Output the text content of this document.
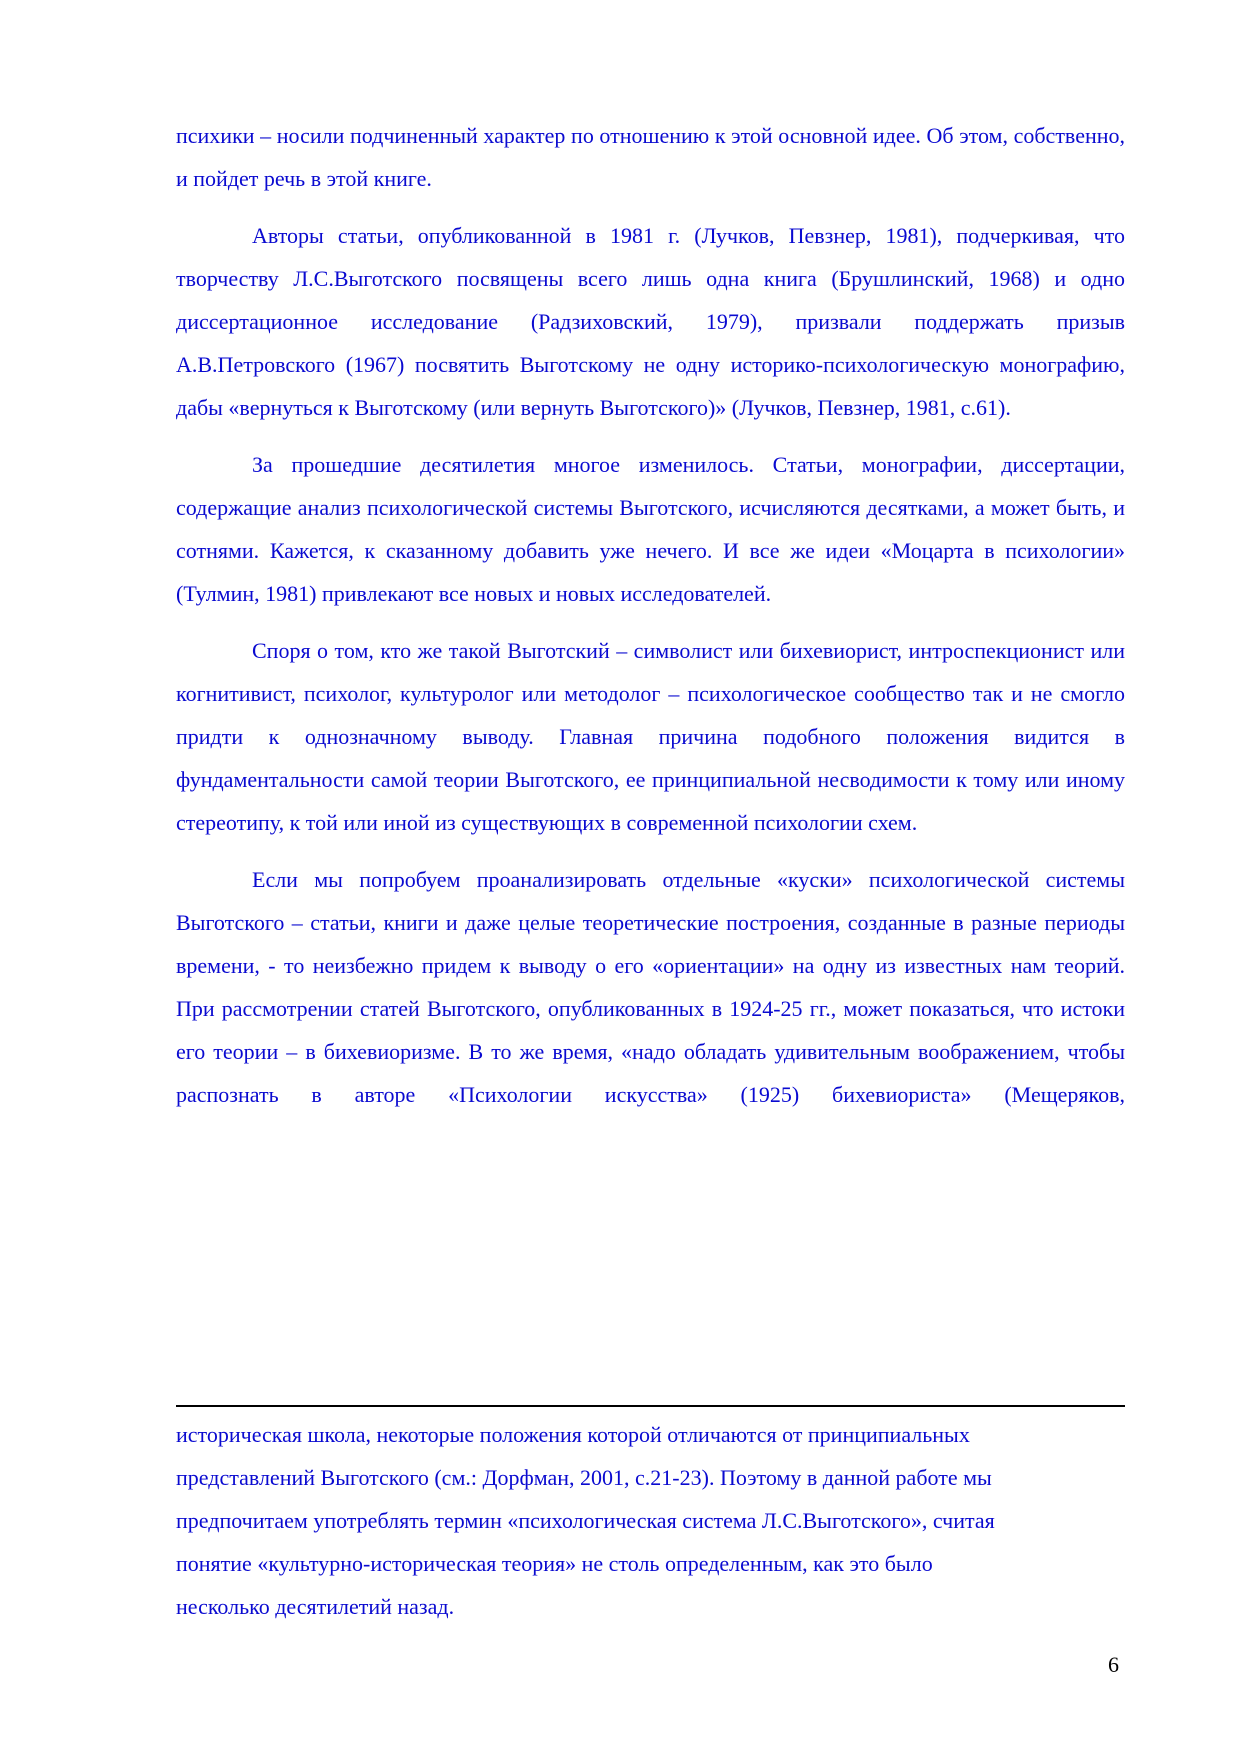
психики – носили подчиненный характер по отношению к этой основной идее. Об этом, собственно, и пойдет речь в этой книге.

Авторы статьи, опубликованной в 1981 г. (Лучков, Певзнер, 1981), подчеркивая, что творчеству Л.С.Выготского посвящены всего лишь одна книга (Брушлинский, 1968) и одно диссертационное исследование (Радзиховский, 1979), призвали поддержать призыв А.В.Петровского (1967) посвятить Выготскому не одну историко-психологическую монографию, дабы «вернуться к Выготскому (или вернуть Выготского)» (Лучков, Певзнер, 1981, с.61).

За прошедшие десятилетия многое изменилось. Статьи, монографии, диссертации, содержащие анализ психологической системы Выготского, исчисляются десятками, а может быть, и сотнями. Кажется, к сказанному добавить уже нечего. И все же идеи «Моцарта в психологии» (Тулмин, 1981) привлекают все новых и новых исследователей.

Споря о том, кто же такой Выготский – символист или бихевиорист, интроспекционист или когнитивист, психолог, культуролог или методолог – психологическое сообщество так и не смогло придти к однозначному выводу. Главная причина подобного положения видится в фундаментальности самой теории Выготского, ее принципиальной несводимости к тому или иному стереотипу, к той или иной из существующих в современной психологии схем.

Если мы попробуем проанализировать отдельные «куски» психологической системы Выготского – статьи, книги и даже целые теоретические построения, созданные в разные периоды времени, - то неизбежно придем к выводу о его «ориентации» на одну из известных нам теорий. При рассмотрении статей Выготского, опубликованных в 1924-25 гг., может показаться, что истоки его теории – в бихевиоризме. В то же время, «надо обладать удивительным воображением, чтобы распознать в авторе «Психологии искусства» (1925) бихевиориста» (Мещеряков,

историческая школа, некоторые положения которой отличаются от принципиальных

представлений Выготского (см.: Дорфман, 2001, с.21-23). Поэтому в данной работе мы

предпочитаем употреблять термин «психологическая система Л.С.Выготского», считая

понятие «культурно-историческая теория» не столь определенным, как это было

несколько десятилетий назад.

6
